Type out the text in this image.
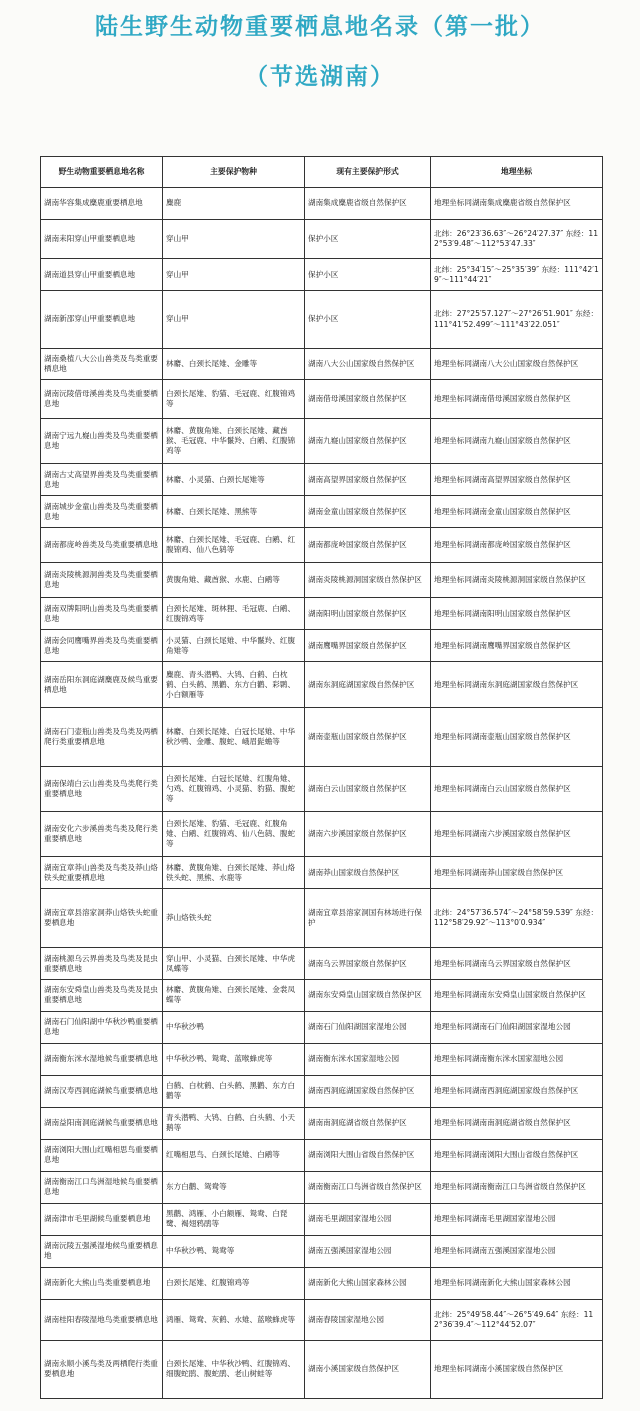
陆生野生动物重要栖息地名录（第一批）
（节选湖南）
野生动物重要栖息地名称	主要保护物种	现有主要保护形式	地理坐标
湖南华容集成麋鹿重要栖息地	麋鹿	湖南集成麋鹿省级自然保护区	地理坐标同湖南集成麋鹿省级自然保护区
湖南耒阳穿山甲重要栖息地	穿山甲	保护小区	北纬：26°23′36.63″～26°24′27.37″ 东经：112°53′9.48″～112°53′47.33″
湖南道县穿山甲重要栖息地	穿山甲	保护小区	北纬：25°34′15″～25°35′39″ 东经：111°42′19″～111°44′21″
湖南新邵穿山甲重要栖息地	穿山甲	保护小区	北纬：27°25′57.127″～27°26′51.901″ 东经：111°41′52.499″～111°43′22.051″
湖南桑植八大公山兽类及鸟类重要栖息地	林麝、白颈长尾雉、金雕等	湖南八大公山国家级自然保护区	地理坐标同湖南八大公山国家级自然保护区
湖南沅陵借母溪兽类及鸟类重要栖息地	白颈长尾雉、豹猫、毛冠鹿、红腹锦鸡等	湖南借母溪国家级自然保护区	地理坐标同湖南借母溪国家级自然保护区
湖南宁远九嶷山兽类及鸟类重要栖息地	林麝、黄腹角雉、白颈长尾雉、藏酋猴、毛冠鹿、中华鬣羚、白鹇、红腹锦鸡等	湖南九嶷山国家级自然保护区	地理坐标同湖南九嶷山国家级自然保护区
湖南古丈高望界兽类及鸟类重要栖息地	林麝、小灵猫、白颈长尾雉等	湖南高望界国家级自然保护区	地理坐标同湖南高望界国家级自然保护区
湖南城步金童山兽类及鸟类重要栖息地	林麝、白颈长尾雉、黑熊等	湖南金童山国家级自然保护区	地理坐标同湖南金童山国家级自然保护区
湖南都庞岭兽类及鸟类重要栖息地	林麝、白颈长尾雉、毛冠鹿、白鹇、红腹锦鸡、仙八色鸫等	湖南都庞岭国家级自然保护区	地理坐标同湖南都庞岭国家级自然保护区
湖南炎陵桃源洞兽类及鸟类重要栖息地	黄腹角雉、藏酋猴、水鹿、白鹇等	湖南炎陵桃源洞国家级自然保护区	地理坐标同湖南炎陵桃源洞国家级自然保护区
湖南双牌阳明山兽类及鸟类重要栖息地	白颈长尾雉、斑林狸、毛冠鹿、白鹇、红腹锦鸡等	湖南阳明山国家级自然保护区	地理坐标同湖南阳明山国家级自然保护区
湖南会同鹰嘴界兽类及鸟类重要栖息地	小灵猫、白颈长尾雉、中华鬣羚、红腹角雉等	湖南鹰嘴界国家级自然保护区	地理坐标同湖南鹰嘴界国家级自然保护区
湖南岳阳东洞庭湖麋鹿及候鸟重要栖息地	麋鹿、青头潜鸭、大鸨、白鹤、白枕鹤、白头鹤、黑鹳、东方白鹳、彩鹮、小白额雁等	湖南东洞庭湖国家级自然保护区	地理坐标同湖南东洞庭湖国家级自然保护区
湖南石门壶瓶山兽类及鸟类及两栖爬行类重要栖息地	林麝、白颈长尾雉、白冠长尾雉、中华秋沙鸭、金雕、腹蛇、峨眉髭蟾等	湖南壶瓶山国家级自然保护区	地理坐标同湖南壶瓶山国家级自然保护区
湖南保靖白云山兽类及鸟类爬行类重要栖息地	白颈长尾雉、白冠长尾雉、红腹角雉、勺鸡、红腹锦鸡、小灵猫、豹猫、腹蛇等	湖南白云山国家级自然保护区	地理坐标同湖南白云山国家级自然保护区
湖南安化六步溪兽类鸟类及爬行类重要栖息地	白颈长尾雉、豹猫、毛冠鹿、红腹角雉、白鹇、红腹锦鸡、仙八色鸫、腹蛇等	湖南六步溪国家级自然保护区	地理坐标同湖南六步溪国家级自然保护区
湖南宜章莽山兽类及鸟类及莽山烙铁头蛇重要栖息地	林麝、黄腹角雉、白颈长尾雉、莽山烙铁头蛇、黑熊、水鹿等	湖南莽山国家级自然保护区	地理坐标同湖南莽山国家级自然保护区
湖南宜章县溶家洞莽山烙铁头蛇重要栖息地	莽山烙铁头蛇	湖南宜章县溶家洞国有林场进行保护	北纬：24°57′36.574″～24°58′59.539″ 东经：112°58′29.92″～113°0′0.934″
湖南桃源乌云界兽类及鸟类及昆虫重要栖息地	穿山甲、小灵猫、白颈长尾雉、中华虎凤蝶等	湖南乌云界国家级自然保护区	地理坐标同湖南乌云界国家级自然保护区
湖南东安舜皇山兽类及鸟类及昆虫重要栖息地	林麝、黄腹角雉、白颈长尾雉、金裳凤蝶等	湖南东安舜皇山国家级自然保护区	地理坐标同湖南东安舜皇山国家级自然保护区
湖南石门仙阳湖中华秋沙鸭重要栖息地	中华秋沙鸭	湖南石门仙阳湖国家湿地公园	地理坐标同湖南石门仙阳湖国家湿地公园
湖南衡东洣水湿地候鸟重要栖息地	中华秋沙鸭、鸳鸯、蓝喉蜂虎等	湖南衡东洣水国家湿地公园	地理坐标同湖南衡东洣水国家湿地公园
湖南汉寿西洞庭湖候鸟重要栖息地	白鹤、白枕鹤、白头鹤、黑鹳、东方白鹳等	湖南西洞庭湖国家级自然保护区	地理坐标同湖南西洞庭湖国家级自然保护区
湖南益阳南洞庭湖候鸟重要栖息地	青头潜鸭、大鸨、白鹤、白头鹤、小天鹅等	湖南南洞庭湖省级自然保护区	地理坐标同湖南南洞庭湖省级自然保护区
湖南浏阳大围山红嘴相思鸟重要栖息地	红嘴相思鸟、白颈长尾雉、白鹇等	湖南浏阳大围山省级自然保护区	地理坐标同湖南浏阳大围山省级自然保护区
湖南衡南江口鸟洲湿地候鸟重要栖息地	东方白鹳、鸳鸯等	湖南衡南江口鸟洲省级自然保护区	地理坐标同湖南衡南江口鸟洲省级自然保护区
湖南津市毛里湖候鸟重要栖息地	黑鹳、鸿雁、小白额雁、鸳鸯、白琵鹭、褐翅鸦鹃等	湖南毛里湖国家湿地公园	地理坐标同湖南毛里湖国家湿地公园
湖南沅陵五强溪湿地候鸟重要栖息地	中华秋沙鸭、鸳鸯等	湖南五强溪国家湿地公园	地理坐标同湖南五强溪国家湿地公园
湖南新化大熊山鸟类重要栖息地	白颈长尾雉、红腹锦鸡等	湖南新化大熊山国家森林公园	地理坐标同湖南新化大熊山国家森林公园
湖南桂阳春陵湿地鸟类重要栖息地	鸿雁、鸳鸯、灰鹤、水雉、蓝喉蜂虎等	湖南舂陵国家湿地公园	北纬：25°49′58.44″～26°5′49.64″ 东经：112°36′39.4″～112°44′52.07″
湖南永顺小溪鸟类及两栖爬行类重要栖息地	白颈长尾雉、中华秋沙鸭、红腹锦鸡、细腹蛇鹃、腹蛇鹃、老山树蛙等	湖南小溪国家级自然保护区	地理坐标同湖南小溪国家级自然保护区
